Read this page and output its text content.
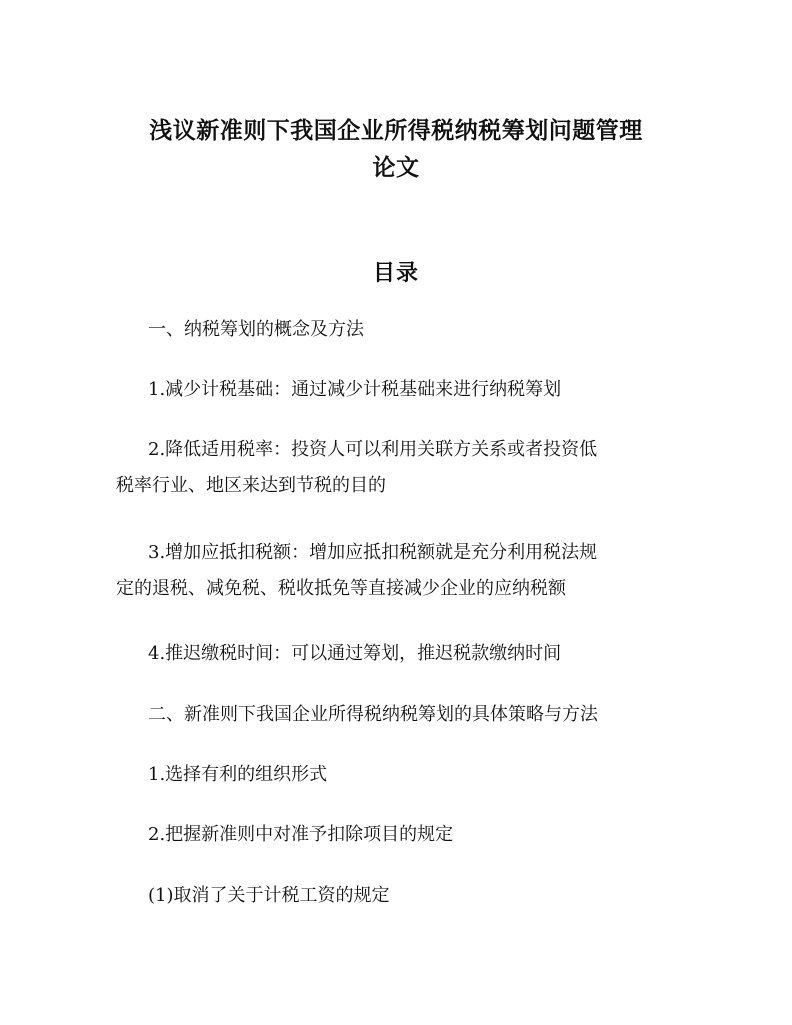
浅议新准则下我国企业所得税纳税筹划问题管理
论文
目录
一、纳税筹划的概念及方法
1.减少计税基础：通过减少计税基础来进行纳税筹划
2.降低适用税率：投资人可以利用关联方关系或者投资低
税率行业、地区来达到节税的目的
3.增加应抵扣税额：增加应抵扣税额就是充分利用税法规
定的退税、减免税、税收抵免等直接减少企业的应纳税额
4.推迟缴税时间：可以通过筹划，推迟税款缴纳时间
二、新准则下我国企业所得税纳税筹划的具体策略与方法
1.选择有利的组织形式
2.把握新准则中对准予扣除项目的规定
(1)取消了关于计税工资的规定
